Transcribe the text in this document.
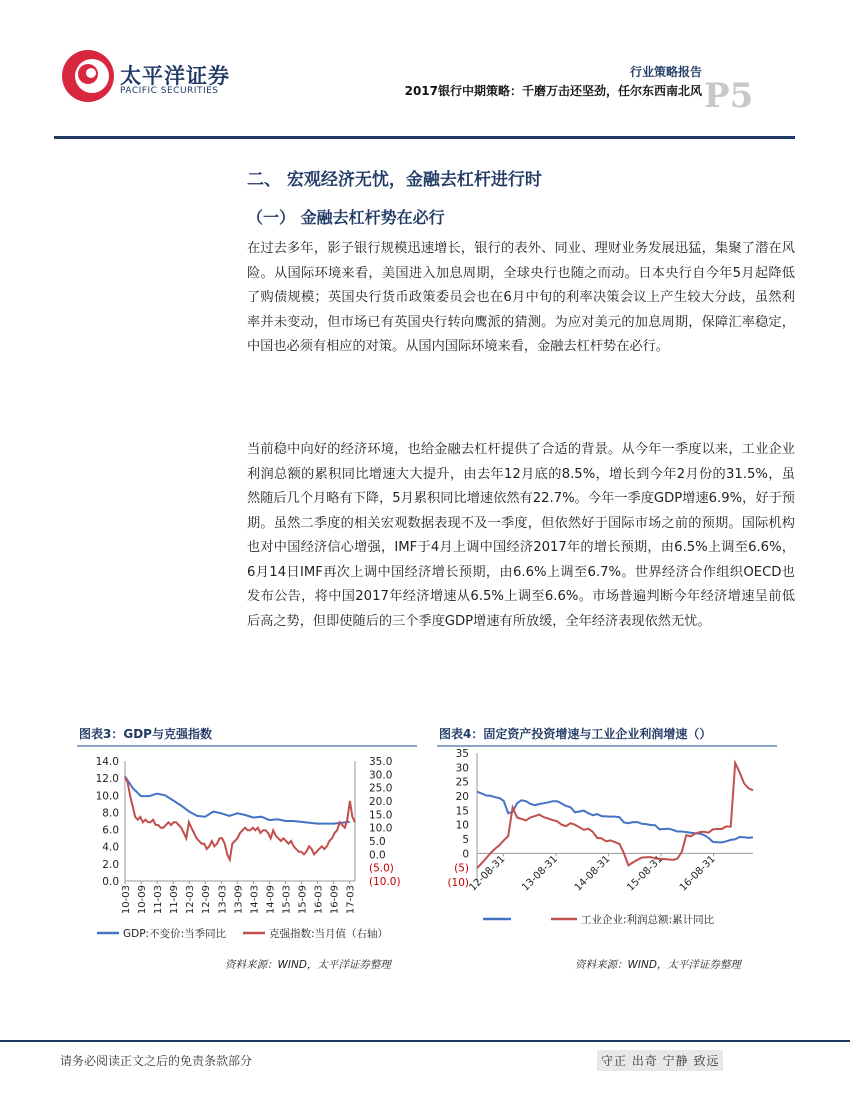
太平洋证券
PACIFIC SECURITIES
行业策略报告
2017银行中期策略：千磨万击还坚劲，任尔东西南北风 P5
二、 宏观经济无忧，金融去杠杆进行时
（一） 金融去杠杆势在必行
在过去多年，影子银行规模迅速增长，银行的表外、同业、理财业务发展迅猛，集聚了潜在风险。从国际环境来看，美国进入加息周期，全球央行也随之而动。日本央行自今年5月起降低了购债规模；英国央行货币政策委员会也在6月中旬的利率决策会议上产生较大分歧，虽然利率并未变动，但市场已有英国央行转向鹰派的猜测。为应对美元的加息周期，保障汇率稳定，中国也必须有相应的对策。从国内国际环境来看，金融去杠杆势在必行。
当前稳中向好的经济环境，也给金融去杠杆提供了合适的背景。从今年一季度以来，工业企业利润总额的累积同比增速大大提升，由去年12月底的8.5%，增长到今年2月份的31.5%，虽然随后几个月略有下降，5月累积同比增速依然有22.7%。今年一季度GDP增速6.9%，好于预期。虽然二季度的相关宏观数据表现不及一季度，但依然好于国际市场之前的预期。国际机构也对中国经济信心增强，IMF于4月上调中国经济2017年的增长预期，由6.5%上调至6.6%，6月14日IMF再次上调中国经济增长预期，由6.6%上调至6.7%。世界经济合作组织OECD也发布公告，将中国2017年经济增速从6.5%上调至6.6%。市场普遍判断今年经济增速呈前低后高之势，但即使随后的三个季度GDP增速有所放缓，全年经济表现依然无忧。
图表3：GDP与克强指数
0.0
2.0
4.0
6.0
8.0
10.0
12.0
14.0
(10.0)
(5.0)
0.0
5.0
10.0
15.0
20.0
25.0
30.0
35.0
10-03 10-09 11-03 11-09 12-03 12-09 13-03 13-09 14-03 14-09 15-03 15-09 16-03 16-09 17-03
GDP:不变价:当季同比	克强指数:当月值（右轴）
资料来源：WIND，太平洋证券整理
图表4：固定资产投资增速与工业企业利润增速（）
(5)
(10)
0
5
10
15
20
25
30
35
12-08-31 13-08-31 14-08-31 15-08-31 16-08-31
工业企业:利润总额:累计同比
资料来源：WIND，太平洋证券整理
请务必阅读正文之后的免责条款部分	守正 出奇 宁静 致远
